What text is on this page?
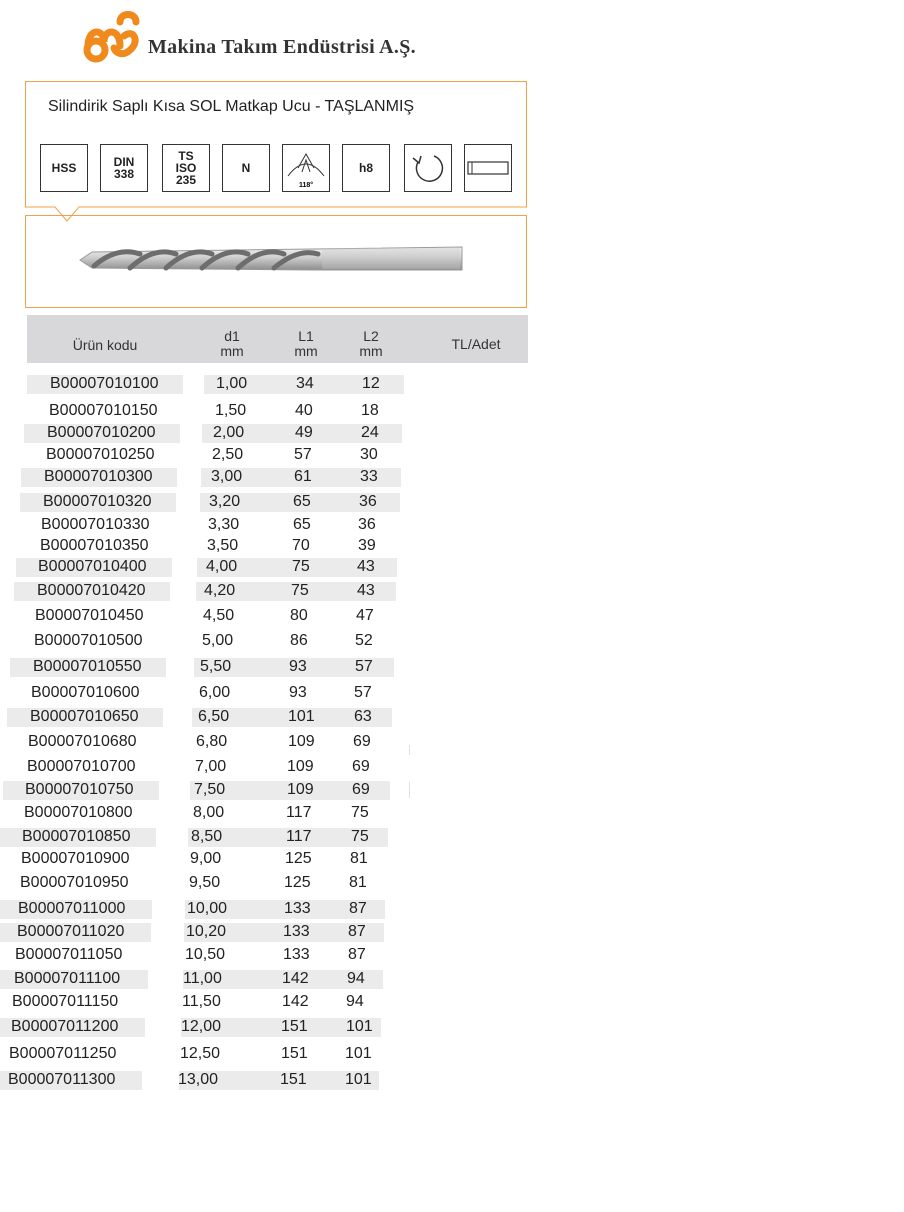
Makina Takım Endüstrisi A.Ş.
Silindirik Saplı Kısa SOL Matkap Ucu - TAŞLANMIŞ
HSS	DIN
338
TS
ISO
235
N
118°
h8
Ürün kodu
d1
mm
L1
mm
L2
mm	TL/Adet
B00007010100	1,00	34	12
B00007010150	1,50	40	18
B00007010200	2,00	49	24
B00007010250	2,50	57	30
B00007010300	3,00	61	33
B00007010320	3,20	65	36
B00007010330	3,30	65	36
B00007010350	3,50	70	39
B00007010400	4,00	75	43
B00007010420	4,20	75	43
B00007010450	4,50	80	47
B00007010500	5,00	86	52
B00007010550	5,50	93	57
B00007010600	6,00	93	57
B00007010650	6,50	101 63
B00007010680	6,80	109 69
B00007010700	7,00	109 69
B00007010750	7,50	109 69
B00007010800	8,00	117 75
B00007010850	8,50	117 75
B00007010900	9,00	125 81
B00007010950	9,50	125 81
B00007011000	10,00	133 87
B00007011020	10,20	133 87
B00007011050	10,50	133 87
B00007011100	11,00	142 94
B00007011150	11,50	142 94
B00007011200	12,00	151 101
B00007011250	12,50	151 101
B00007011300	13,00	151 101
